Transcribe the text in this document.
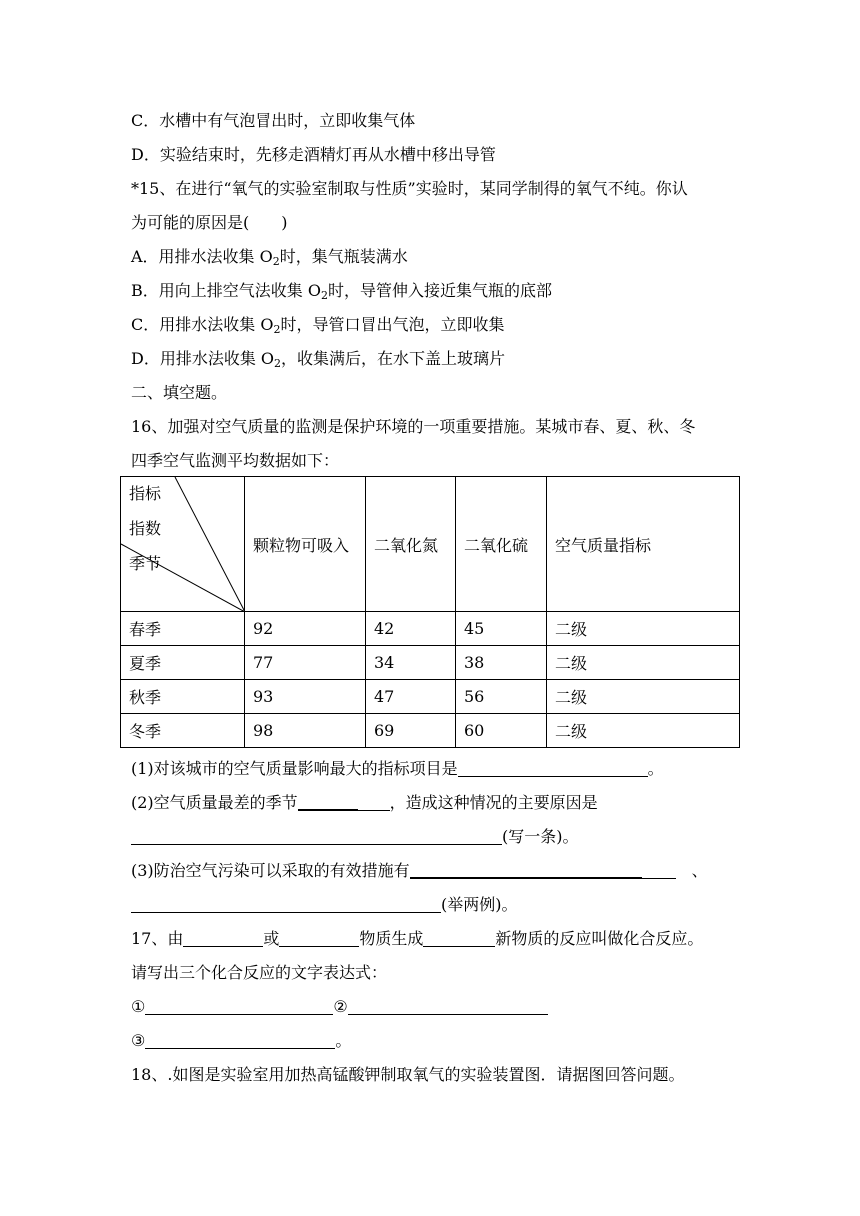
C．水槽中有气泡冒出时，立即收集气体
D．实验结束时，先移走酒精灯再从水槽中移出导管
*15、在进行“氧气的实验室制取与性质”实验时，某同学制得的氧气不纯。你认
为可能的原因是(　　)
A．用排水法收集 $O_2$时，集气瓶装满水
B．用向上排空气法收集 $O_2$时，导管伸入接近集气瓶的底部
C．用排水法收集 $O_2$时，导管口冒出气泡，立即收集
D．用排水法收集 $O_2$，收集满后，在水下盖上玻璃片
二、填空题。
16、加强对空气质量的监测是保护环境的一项重要措施。某城市春、夏、秋、冬
四季空气监测平均数据如下：
指标
指数
季节	颗粒物可吸入	二氧化氮	二氧化硫	空气质量指标
春季	92	42	45	二级
夏季	77	34	38	二级
秋季	93	47	56	二级
冬季	98	69	60	二级
(1)对该城市的空气质量影响最大的指标项目是	。
(2)空气质量最差的季节	，造成这种情况的主要原因是
(写一条)。
(3)防治空气污染可以采取的有效措施有	、
(举两例)。
17、由	或	物质生成	新物质的反应叫做化合反应。
请写出三个化合反应的文字表达式：
①	②
③	。
18、.如图是实验室用加热高锰酸钾制取氧气的实验装置图．请据图回答问题。
